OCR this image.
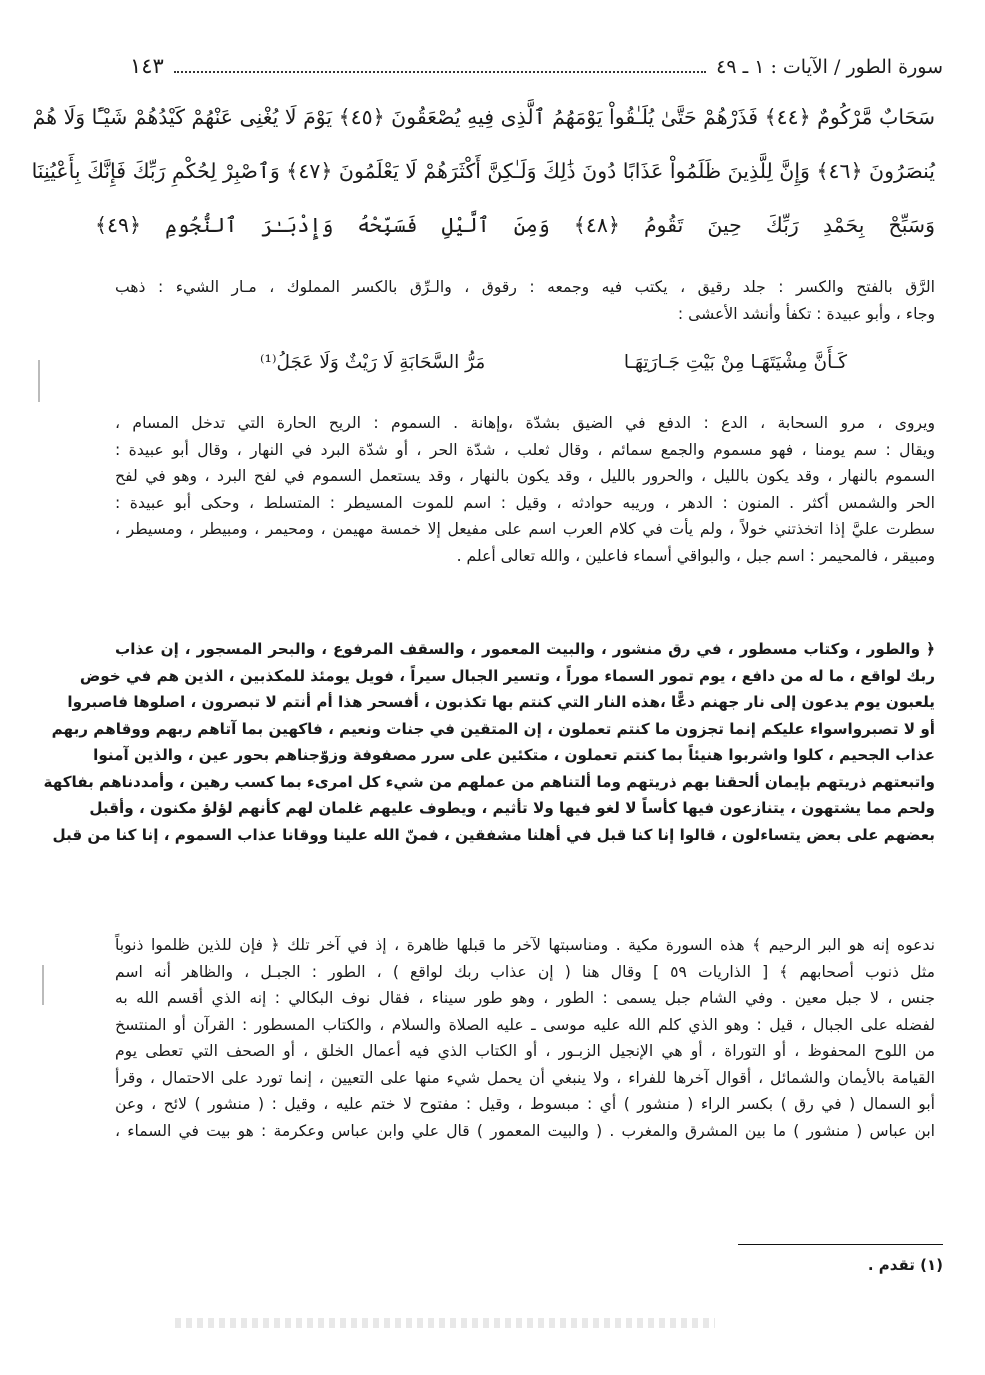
سورة الطور / الآيات : ١ ـ ٤٩
١٤٣
سَحَابٌ مَّرْكُومٌ ﴿٤٤﴾ فَذَرْهُمْ حَتَّىٰ يُلَـٰقُواْ يَوْمَهُمُ ٱلَّذِى فِيهِ يُصْعَقُونَ ﴿٤٥﴾ يَوْمَ لَا يُغْنِى عَنْهُمْ كَيْدُهُمْ شَيْـًٔا وَلَا هُمْ
يُنصَرُونَ ﴿٤٦﴾ وَإِنَّ لِلَّذِينَ ظَلَمُواْ عَذَابًا دُونَ ذَٰلِكَ وَلَـٰكِنَّ أَكْثَرَهُمْ لَا يَعْلَمُونَ ﴿٤٧﴾ وَٱصْبِرْ لِحُكْمِ رَبِّكَ فَإِنَّكَ بِأَعْيُنِنَا
وَسَبِّحْ بِحَمْدِ رَبِّكَ حِينَ تَقُومُ ﴿٤٨﴾ وَمِنَ ٱلَّيْلِ فَسَبِّحْهُ وَإِدْبَـٰرَ ٱلنُّجُومِ ﴿٤٩﴾
الرَّق بالفتح والكسر : جلد رقيق ، يكتب فيه وجمعه : رقوق ، والـرِّق بالكسر المملوك ، مـار الشيء : ذهب
وجاء ، وأبو عبيدة : تكفأ وأنشد الأعشى :
كَـأَنَّ مِشْيَتَهَـا مِنْ بَيْتِ جَـارَتِهَـا
مَرُّ السَّحَابَةِ لَا رَيْثٌ وَلَا عَجَلُ⁽¹⁾
ويروى ، مرو السحابة ، الدع : الدفع في الضيق بشدّة ،وإهانة . السموم : الريح الحارة التي تدخل المسام ،
ويقال : سم يومنا ، فهو مسموم والجمع سمائم ، وقال ثعلب ، شدّة الحر ، أو شدّة البرد في النهار ، وقال أبو عبيدة :
السموم بالنهار ، وقد يكون بالليل ، والحرور بالليل ، وقد يكون بالنهار ، وقد يستعمل السموم في لفح البرد ، وهو في لفح
الحر والشمس أكثر . المنون : الدهر ، وريبه حوادثه ، وقيل : اسم للموت المسيطر : المتسلط ، وحكى أبو عبيدة :
سطرت عليَّ إذا اتخذتني خولاً ، ولم يأت في كلام العرب اسم على مفيعل إلا خمسة مهيمن ، ومحيمر ، ومبيطر ، ومسيطر ،
ومبيقر ، فالمحيمر : اسم جبل ، والبواقي أسماء فاعلين ، والله تعالى أعلم .
﴿ والطور ، وكتاب مسطور ، في رق منشور ، والبيت المعمور ، والسقف المرفوع ، والبحر المسجور ، إن عذاب
ربك لواقع ، ما له من دافع ، يوم تمور السماء موراً ، وتسير الجبال سيراً ، فويل يومئذ للمكذبين ، الذين هم في خوض
يلعبون يوم يدعون إلى نار جهنم دعًّا ،هذه النار التي كنتم بها تكذبون ، أفسحر هذا أم أنتم لا تبصرون ، اصلوها فاصبروا
أو لا تصبرواسواء عليكم إنما تجزون ما كنتم تعملون ، إن المتقين في جنات ونعيم ، فاكهين بما آتاهم ربهم ووقاهم ربهم
عذاب الجحيم ، كلوا واشربوا هنيئاً بما كنتم تعملون ، متكئين على سرر مصفوفة وزوّجناهم بحور عين ، والذين آمنوا
واتبعتهم ذريتهم بإيمان ألحقنا بهم ذريتهم وما ألتناهم من عملهم من شيء كل امرىء بما كسب رهين ، وأمددناهم بفاكهة
ولحم مما يشتهون ، يتنازعون فيها كأساً لا لغو فيها ولا تأثيم ، ويطوف عليهم غلمان لهم كأنهم لؤلؤ مكنون ، وأقبل
بعضهم على بعض يتساءلون ، قالوا إنا كنا قبل في أهلنا مشفقين ، فمنّ الله علينا ووقانا عذاب السموم ، إنا كنا من قبل
ندعوه إنه هو البر الرحيم ﴾ هذه السورة مكية . ومناسبتها لآخر ما قبلها ظاهرة ، إذ في آخر تلك ﴿ فإن للذين ظلموا ذنوباً
مثل ذنوب أصحابهم ﴾ [ الذاريات ٥٩ ] وقال هنا ( إن عذاب ربك لواقع ) ، الطور : الجبـل ، والظاهر أنه اسم
جنس ، لا جبل معين . وفي الشام جبل يسمى : الطور ، وهو طور سيناء ، فقال نوف البكالي : إنه الذي أقسم الله به
لفضله على الجبال ، قيل : وهو الذي كلم الله عليه موسى ـ عليه الصلاة والسلام ، والكتاب المسطور : القرآن أو المنتسخ
من اللوح المحفوظ ، أو التوراة ، أو هي الإنجيل الزبـور ، أو الكتاب الذي فيه أعمال الخلق ، أو الصحف التي تعطى يوم
القيامة بالأيمان والشمائل ، أقوال آخرها للفراء ، ولا ينبغي أن يحمل شيء منها على التعيين ، إنما تورد على الاحتمال ، وقرأ
أبو السمال ( في رق ) بكسر الراء ( منشور ) أي : مبسوط ، وقيل : مفتوح لا ختم عليه ، وقيل : ( منشور ) لائح ، وعن
ابن عباس ( منشور ) ما بين المشرق والمغرب . ( والبيت المعمور ) قال علي وابن عباس وعكرمة : هو بيت في السماء ،
(١) تقدم .
